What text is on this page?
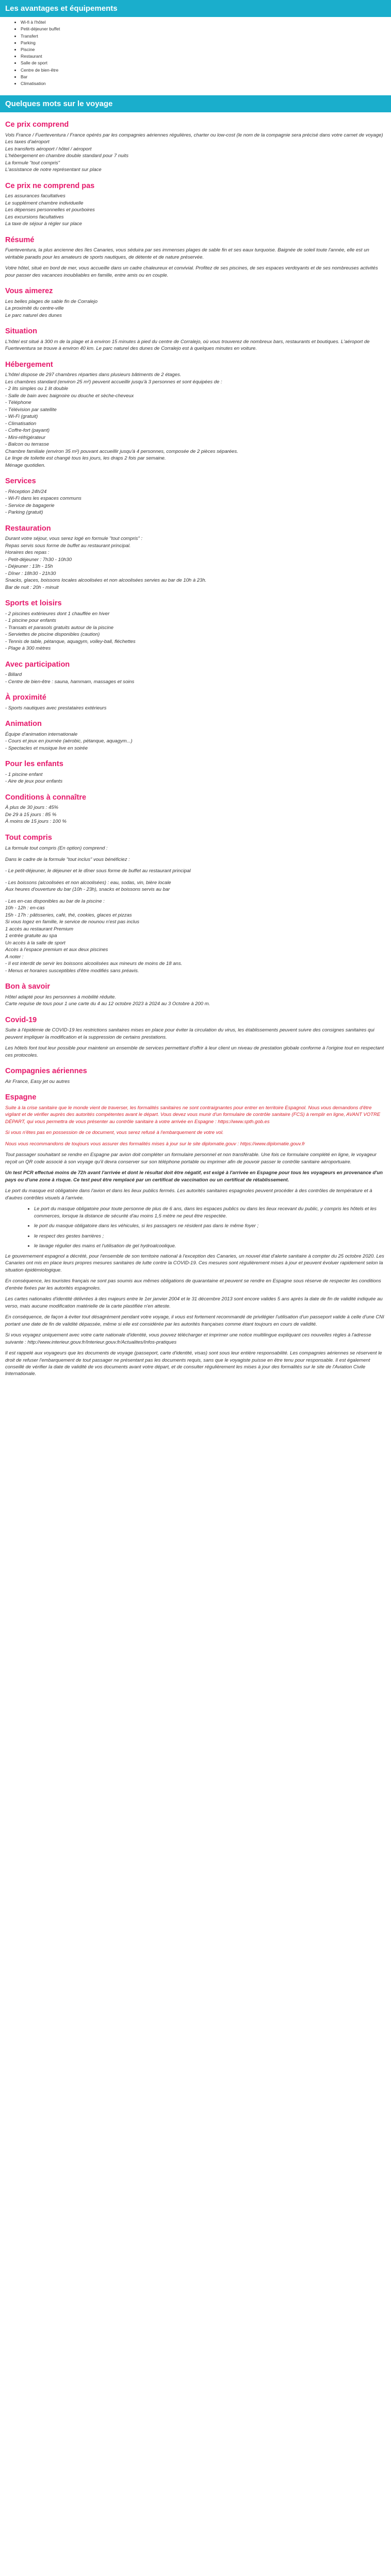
Les avantages et équipements
• Wi-fi à l'hôtel
• Petit-déjeuner buffet
• Transfert
• Parking
• Piscine
• Restaurant
• Salle de sport
• Centre de bien-être
• Bar
• Climatisation
Quelques mots sur le voyage
Ce prix comprend
Vols France / Fuerteventura / France opérés par les compagnies aériennes régulières, charter ou low-cost (le nom de la compagnie sera précisé dans votre carnet de voyage)
Les taxes d'aéroport
Les transferts aéroport / hôtel / aéroport
L'hébergement en chambre double standard pour 7 nuits
La formule "tout compris"
L'assistance de notre représentant sur place
Ce prix ne comprend pas
Les assurances facultatives
Le supplément chambre individuelle
Les dépenses personnelles et pourboires
Les excursions facultatives
La taxe de séjour à régler sur place
Résumé

Fuerteventura, la plus ancienne des îles Canaries, vous séduira par ses immenses plages de sable fin et ses eaux turquoise. Baignée de soleil toute l'année, elle est un véritable paradis pour les amateurs de sports nautiques, de détente et de nature préservée.

Votre hôtel, situé en bord de mer, vous accueille dans un cadre chaleureux et convivial. Profitez de ses piscines, de ses espaces verdoyants et de ses nombreuses activités pour passer des vacances inoubliables en famille, entre amis ou en couple.

Vous aimerez
Les belles plages de sable fin de Corralejo
La proximité du centre-ville
Le parc naturel des dunes
Situation

L'hôtel est situé à 300 m de la plage et à environ 15 minutes à pied du centre de Corralejo, où vous trouverez de nombreux bars, restaurants et boutiques. L'aéroport de Fuerteventura se trouve à environ 40 km. Le parc naturel des dunes de Corralejo est à quelques minutes en voiture.

Hébergement
L'hôtel dispose de 297 chambres réparties dans plusieurs bâtiments de 2 étages.
Les chambres standard (environ 25 m²) peuvent accueillir jusqu'à 3 personnes et sont équipées de :
- 2 lits simples ou 1 lit double
- Salle de bain avec baignoire ou douche et sèche-cheveux
- Téléphone
- Télévision par satellite
- Wi-Fi (gratuit)
- Climatisation
- Coffre-fort (payant)
- Mini-réfrigérateur
- Balcon ou terrasse
Chambre familiale (environ 35 m²) pouvant accueillir jusqu'à 4 personnes, composée de 2 pièces séparées.
Le linge de toilette est changé tous les jours, les draps 2 fois par semaine.
Ménage quotidien.
Services
- Réception 24h/24
- Wi-Fi dans les espaces communs
- Service de bagagerie
- Parking (gratuit)
Restauration
Durant votre séjour, vous serez logé en formule "tout compris" :
Repas servis sous forme de buffet au restaurant principal.
Horaires des repas :
- Petit-déjeuner : 7h30 - 10h30
- Déjeuner : 13h - 15h
- Dîner : 18h30 - 21h30
Snacks, glaces, boissons locales alcoolisées et non alcoolisées servies au bar de 10h à 23h.
Bar de nuit : 20h - minuit
Sports et loisirs
- 2 piscines extérieures dont 1 chauffée en hiver
- 1 piscine pour enfants
- Transats et parasols gratuits autour de la piscine
- Serviettes de piscine disponibles (caution)
- Tennis de table, pétanque, aquagym, volley-ball, fléchettes
- Plage à 300 mètres
Avec participation
- Billard
- Centre de bien-être : sauna, hammam, massages et soins
À proximité
- Sports nautiques avec prestataires extérieurs
Animation
Équipe d'animation internationale
- Cours et jeux en journée (aérobic, pétanque, aquagym...)
- Spectacles et musique live en soirée
Pour les enfants
- 1 piscine enfant
- Aire de jeux pour enfants
Conditions à connaître
À plus de 30 jours : 45%
De 29 à 15 jours : 85 %
À moins de 15 jours : 100 %
Tout compris
La formule tout compris (En option) comprend :
Dans le cadre de la formule "tout inclus" vous bénéficiez :
- Le petit-déjeuner, le déjeuner et le dîner sous forme de buffet au restaurant principal
- Les boissons (alcoolisées et non alcoolisées) : eau, sodas, vin, bière locale
Aux heures d'ouverture du bar (10h - 23h), snacks et boissons servis au bar
- Les en-cas disponibles au bar de la piscine :
10h - 12h : en-cas
15h - 17h : pâtisseries, café, thé, cookies, glaces et pizzas
Si vous logez en famille, le service de nounou n'est pas inclus
1 accès au restaurant Premium
1 entrée gratuite au spa
Un accès à la salle de sport
Accès à l'espace premium et aux deux piscines
A noter :
- Il est interdit de servir les boissons alcoolisées aux mineurs de moins de 18 ans.
- Menus et horaires susceptibles d'être modifiés sans préavis.
Bon à savoir
Hôtel adapté pour les personnes à mobilité réduite.
Carte requise de tous pour 1 une carte du 4 au 12 octobre 2023 à 2024 au 3 Octobre à 200 m.
Covid-19

Suite à l'épidémie de COVID-19 les restrictions sanitaires mises en place pour éviter la circulation du virus, les établissements peuvent suivre des consignes sanitaires qui peuvent impliquer la modification et la suppression de certains prestations.

Les hôtels font tout leur possible pour maintenir un ensemble de services permettant d'offrir à leur client un niveau de prestation globale conforme à l'origine tout en respectant ces protocoles.

Compagnies aériennes
Air France, Easy jet ou autres
Espagne

Suite à la crise sanitaire que le monde vient de traverser, les formalités sanitaires ne sont contraignantes pour entrer en territoire Espagnol. Nous vous demandons d'être vigilant et de vérifier auprès des autorités compétentes avant le départ. Vous devez vous munir d'un formulaire de contrôle sanitaire (FCS) à remplir en ligne, AVANT VOTRE DÉPART, qui vous permettra de vous présenter au contrôle sanitaire à votre arrivée en Espagne : https://www.spth.gob.es

Si vous n'êtes pas en possession de ce document, vous serez refusé à l'embarquement de votre vol.

Nous vous recommandons de toujours vous assurer des formalités mises à jour sur le site diplomatie.gouv : https://www.diplomatie.gouv.fr

Tout passager souhaitant se rendre en Espagne par avion doit compléter un formulaire personnel et non transférable. Une fois ce formulaire complété en ligne, le voyageur reçoit un QR code associé à son voyage qu'il devra conserver sur son téléphone portable ou imprimer afin de pouvoir passer le contrôle sanitaire aéroportuaire.

Un test PCR effectué moins de 72h avant l'arrivée et dont le résultat doit être négatif, est exigé à l'arrivée en Espagne pour tous les voyageurs en provenance d'un pays ou d'une zone à risque. Ce test peut être remplacé par un certificat de vaccination ou un certificat de rétablissement.

Le port du masque est obligatoire dans l'avion et dans les lieux publics fermés. Les autorités sanitaires espagnoles peuvent procéder à des contrôles de température et à d'autres contrôles visuels à l'arrivée.

• Le port du masque obligatoire pour toute personne de plus de 6 ans, dans les espaces publics ou dans les lieux recevant du public, y compris les hôtels et les commerces, lorsque la distance de sécurité d'au moins 1,5 mètre ne peut être respectée.
• le port du masque obligatoire dans les véhicules, si les passagers ne résident pas dans le même foyer ;
• le respect des gestes barrières ;
• le lavage régulier des mains et l'utilisation de gel hydroalcoolique.

Le gouvernement espagnol a décrété, pour l'ensemble de son territoire national à l'exception des Canaries, un nouvel état d'alerte sanitaire à compter du 25 octobre 2020. Les Canaries ont mis en place leurs propres mesures sanitaires de lutte contre la COVID-19. Ces mesures sont régulièrement mises à jour et peuvent évoluer rapidement selon la situation épidémiologique.

En conséquence, les touristes français ne sont pas soumis aux mêmes obligations de quarantaine et peuvent se rendre en Espagne sous réserve de respecter les conditions d'entrée fixées par les autorités espagnoles.

Les cartes nationales d'identité délivrées à des majeurs entre le 1er janvier 2004 et le 31 décembre 2013 sont encore valides 5 ans après la date de fin de validité indiquée au verso, mais aucune modification matérielle de la carte plastifiée n'en atteste.

En conséquence, de façon à éviter tout désagrément pendant votre voyage, il vous est fortement recommandé de privilégier l'utilisation d'un passeport valide à celle d'une CNI portant une date de fin de validité dépassée, même si elle est considérée par les autorités françaises comme étant toujours en cours de validité.

Si vous voyagez uniquement avec votre carte nationale d'identité, vous pouvez télécharger et imprimer une notice multilingue expliquant ces nouvelles règles à l'adresse suivante : http://www.interieur.gouv.fr/Interieur.gouv.fr/Actualites/Infos-pratiques

Il est rappelé aux voyageurs que les documents de voyage (passeport, carte d'identité, visas) sont sous leur entière responsabilité. Les compagnies aériennes se réservent le droit de refuser l'embarquement de tout passager ne présentant pas les documents requis, sans que le voyagiste puisse en être tenu pour responsable. Il est également conseillé de vérifier la date de validité de vos documents avant votre départ, et de consulter régulièrement les mises à jour des formalités sur le site de l'Aviation Civile Internationale.
